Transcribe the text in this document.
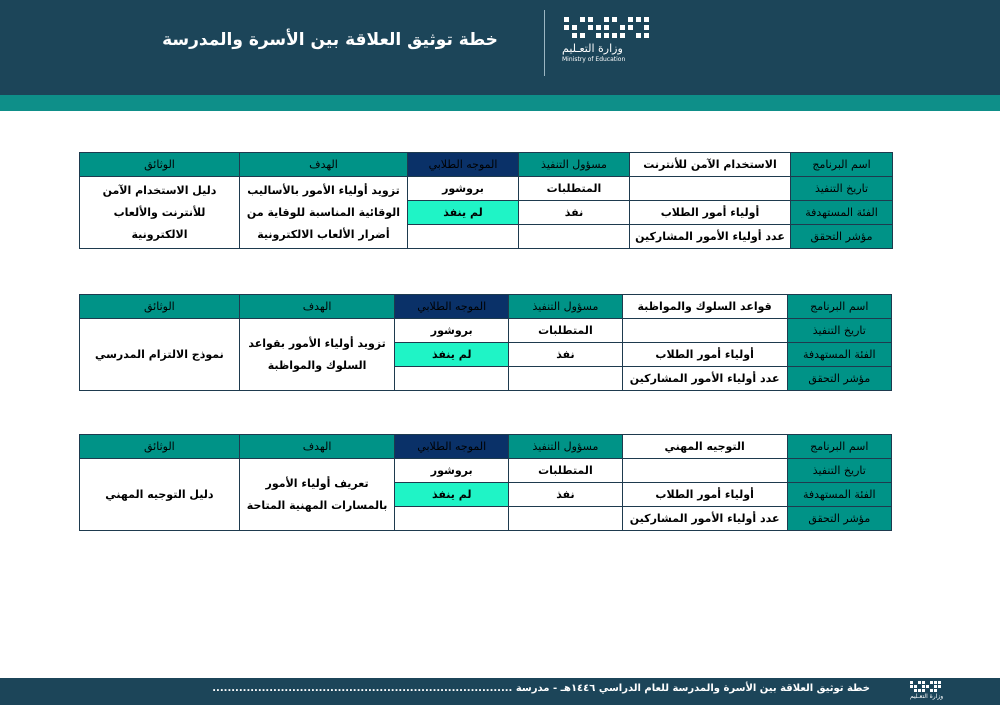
خطة توثيق العلاقة بين الأسرة والمدرسة	وزارة التعـليم
Ministry of Education
اسم البرنامج	الاستخدام الآمن للأنترنت	مسؤول التنفيذ	الموجه الطلابي	الهدف	الوثائق
تاريخ التنفيذ		المتطلبات	بروشور	تزويد أولياء الأمور بالأساليب الوقائية المناسبة للوقاية من أضرار الألعاب الالكترونية	دليل الاستخدام الآمن للأنترنت والألعاب الالكترونية
الفئة المستهدفة	أولياء أمور الطلاب	نفذ	لم ينفذ		
مؤشر التحقق	عدد أولياء الأمور المشاركين				
اسم البرنامج	قواعد السلوك والمواظبة	مسؤول التنفيذ	الموجه الطلابي	الهدف	الوثائق
تاريخ التنفيذ		المتطلبات	بروشور	تزويد أولياء الأمور بقواعد السلوك والمواظبة	نموذج الالتزام المدرسي
الفئة المستهدفة	أولياء أمور الطلاب	نفذ	لم ينفذ		
مؤشر التحقق	عدد أولياء الأمور المشاركين				
اسم البرنامج	التوجيه المهني	مسؤول التنفيذ	الموجه الطلابي	الهدف	الوثائق
تاريخ التنفيذ		المتطلبات	بروشور	تعريف أولياء الأمور بالمسارات المهنية المتاحة	دليل التوجيه المهني
الفئة المستهدفة	أولياء أمور الطلاب	نفذ	لم ينفذ		
مؤشر التحقق	عدد أولياء الأمور المشاركين				
خطة توثيق العلاقة بين الأسرة والمدرسة للعام الدراسي ١٤٤٦هـ - مدرسة ...............................................................................
وزارة التعـليم
